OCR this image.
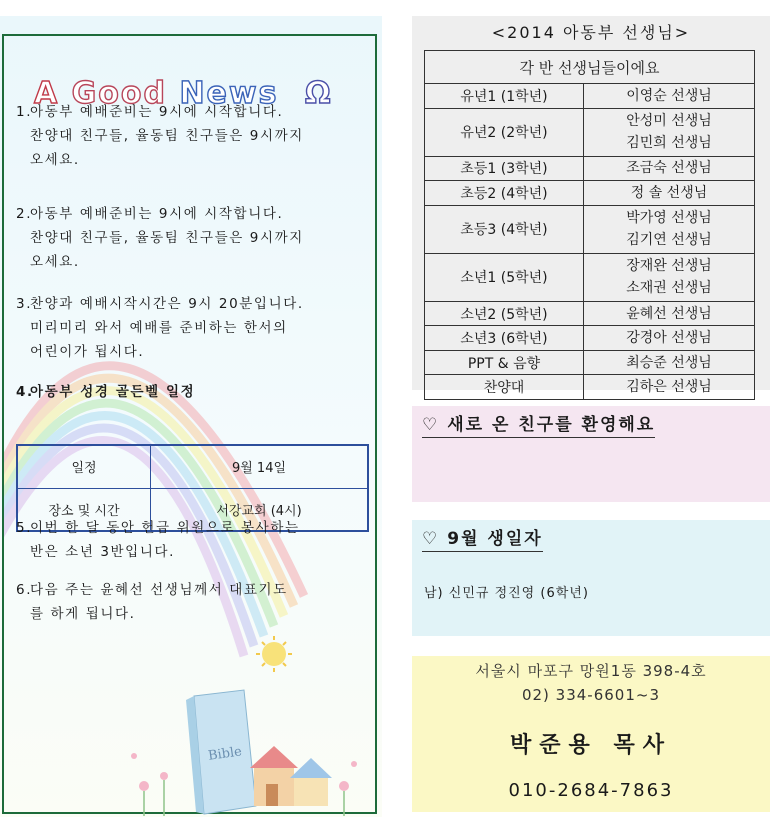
A Good News Ω

1.아동부 예배준비는 9시에 시작합니다.
찬양대 친구들, 율동팀 친구들은 9시까지
오세요.

2.아동부 예배준비는 9시에 시작합니다.
찬양대 친구들, 율동팀 친구들은 9시까지
오세요.

3.찬양과 예배시작시간은 9시 20분입니다.
미리미리 와서 예배를 준비하는 한서의
어린이가 됩시다.

4.아동부 성경 골든벨 일정

일정	9월 14일
장소 및 시간	서강교회 (4시)

5.이번 한 달 동안 헌금 위원으로 봉사하는
반은 소년 3반입니다.

6.다음 주는 윤혜선 선생님께서 대표기도
를 하게 됩니다.

Bible
<2014 아동부 선생님>
각 반 선생님들이에요	
유년1 (1학년)	이영순 선생님
유년2 (2학년)	안성미 선생님
김민희 선생님
초등1 (3학년)	조금숙 선생님
초등2 (4학년)	정 솔 선생님
초등3 (4학년)	박가영 선생님
김기연 선생님
소년1 (5학년)	장재완 선생님
소재권 선생님
소년2 (5학년)	윤혜선 선생님
소년3 (6학년)	강경아 선생님
PPT & 음향	최승준 선생님
찬양대	김하은 선생님
♡ 새로 온 친구를 환영해요
♡ 9월 생일자
남) 신민규 정진영 (6학년)

서울시 마포구 망원1동 398-4호

02) 334-6601~3

박준용 목사

010-2684-7863
